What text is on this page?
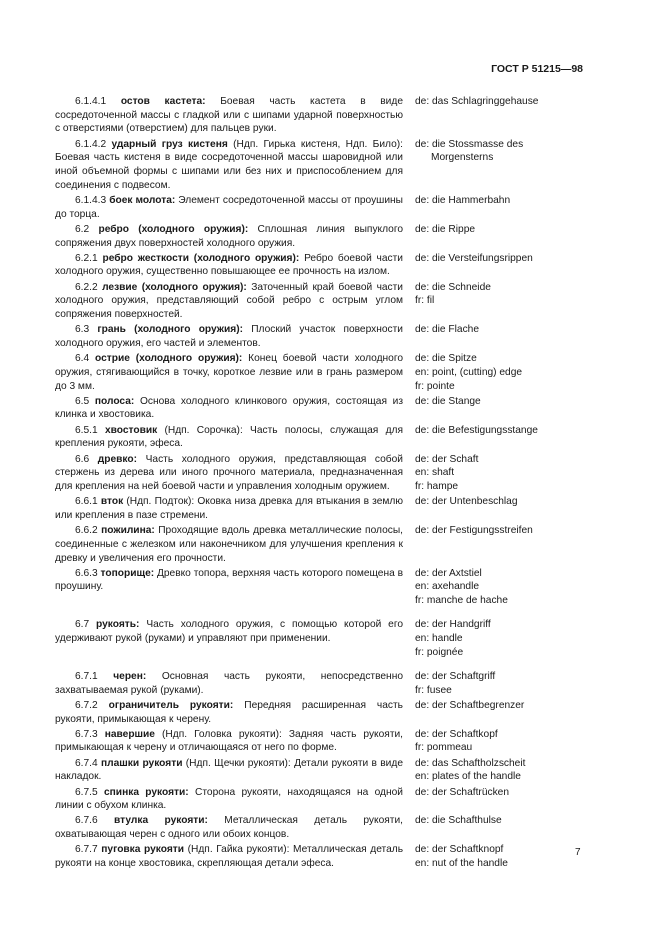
ГОСТ Р 51215—98
6.1.4.1 остов кастета: Боевая часть кастета в виде сосредоточенной массы с гладкой или с шипами ударной поверхностью с отверстиями (отверстием) для пальцев руки.
de: das Schlagringgehause
6.1.4.2 ударный груз кистеня (Ндп. Гирька кистеня, Ндп. Било): Боевая часть кистеня в виде сосредоточенной массы шаровидной или иной объемной формы с шипами или без них и приспособлением для соединения с подвесом.
de: die Stossmasse des Morgensterns
6.1.4.3 боек молота: Элемент сосредоточенной массы от проушины до торца.
de: die Hammerbahn
6.2 ребро (холодного оружия): Сплошная линия выпуклого сопряжения двух поверхностей холодного оружия.
de: die Rippe
6.2.1 ребро жесткости (холодного оружия): Ребро боевой части холодного оружия, существенно повышающее ее прочность на излом.
de: die Versteifungsrippen
6.2.2 лезвие (холодного оружия): Заточенный край боевой части холодного оружия, представляющий собой ребро с острым углом сопряжения поверхностей.
de: die Schneide
fr: fil
6.3 грань (холодного оружия): Плоский участок поверхности холодного оружия, его частей и элементов.
de: die Flache
6.4 острие (холодного оружия): Конец боевой части холодного оружия, стягивающийся в точку, короткое лезвие или в грань размером до 3 мм.
de: die Spitze
en: point, (cutting) edge
fr: pointe
6.5 полоса: Основа холодного клинкового оружия, состоящая из клинка и хвостовика.
de: die Stange
6.5.1 хвостовик (Ндп. Сорочка): Часть полосы, служащая для крепления рукояти, эфеса.
de: die Befestigungsstange
6.6 древко: Часть холодного оружия, представляющая собой стержень из дерева или иного прочного материала, предназначенная для крепления на ней боевой части и управления холодным оружием.
de: der Schaft
en: shaft
fr: hampe
6.6.1 вток (Ндп. Подток): Оковка низа древка для втыкания в землю или крепления в пазе стремени.
de: der Untenbeschlag
6.6.2 пожилина: Проходящие вдоль древка металлические полосы, соединенные с железком или наконечником для улучшения крепления к древку и увеличения его прочности.
de: der Festigungsstreifen
6.6.3 топорище: Древко топора, верхняя часть которого помещена в проушину.
de: der Axtstiel
en: axehandle
fr: manche de hache
6.7 рукоять: Часть холодного оружия, с помощью которой его удерживают рукой (руками) и управляют при применении.
de: der Handgriff
en: handle
fr: poignée
6.7.1 черен: Основная часть рукояти, непосредственно захватываемая рукой (руками).
de: der Schaftgriff
fr: fusee
6.7.2 ограничитель рукояти: Передняя расширенная часть рукояти, примыкающая к черену.
de: der Schaftbegrenzer
6.7.3 навершие (Ндп. Головка рукояти): Задняя часть рукояти, примыкающая к черену и отличающаяся от него по форме.
de: der Schaftkopf
fr: pommeau
6.7.4 плашки рукояти (Ндп. Щечки рукояти): Детали рукояти в виде накладок.
de: das Schaftholzscheit
en: plates of the handle
6.7.5 спинка рукояти: Сторона рукояти, находящаяся на одной линии с обухом клинка.
de: der Schaftrücken
6.7.6 втулка рукояти: Металлическая деталь рукояти, охватывающая черен с одного или обоих концов.
de: die Schafthulse
6.7.7 пуговка рукояти (Ндп. Гайка рукояти): Металлическая деталь рукояти на конце хвостовика, скрепляющая детали эфеса.
de: der Schaftknopf
en: nut of the handle
7
